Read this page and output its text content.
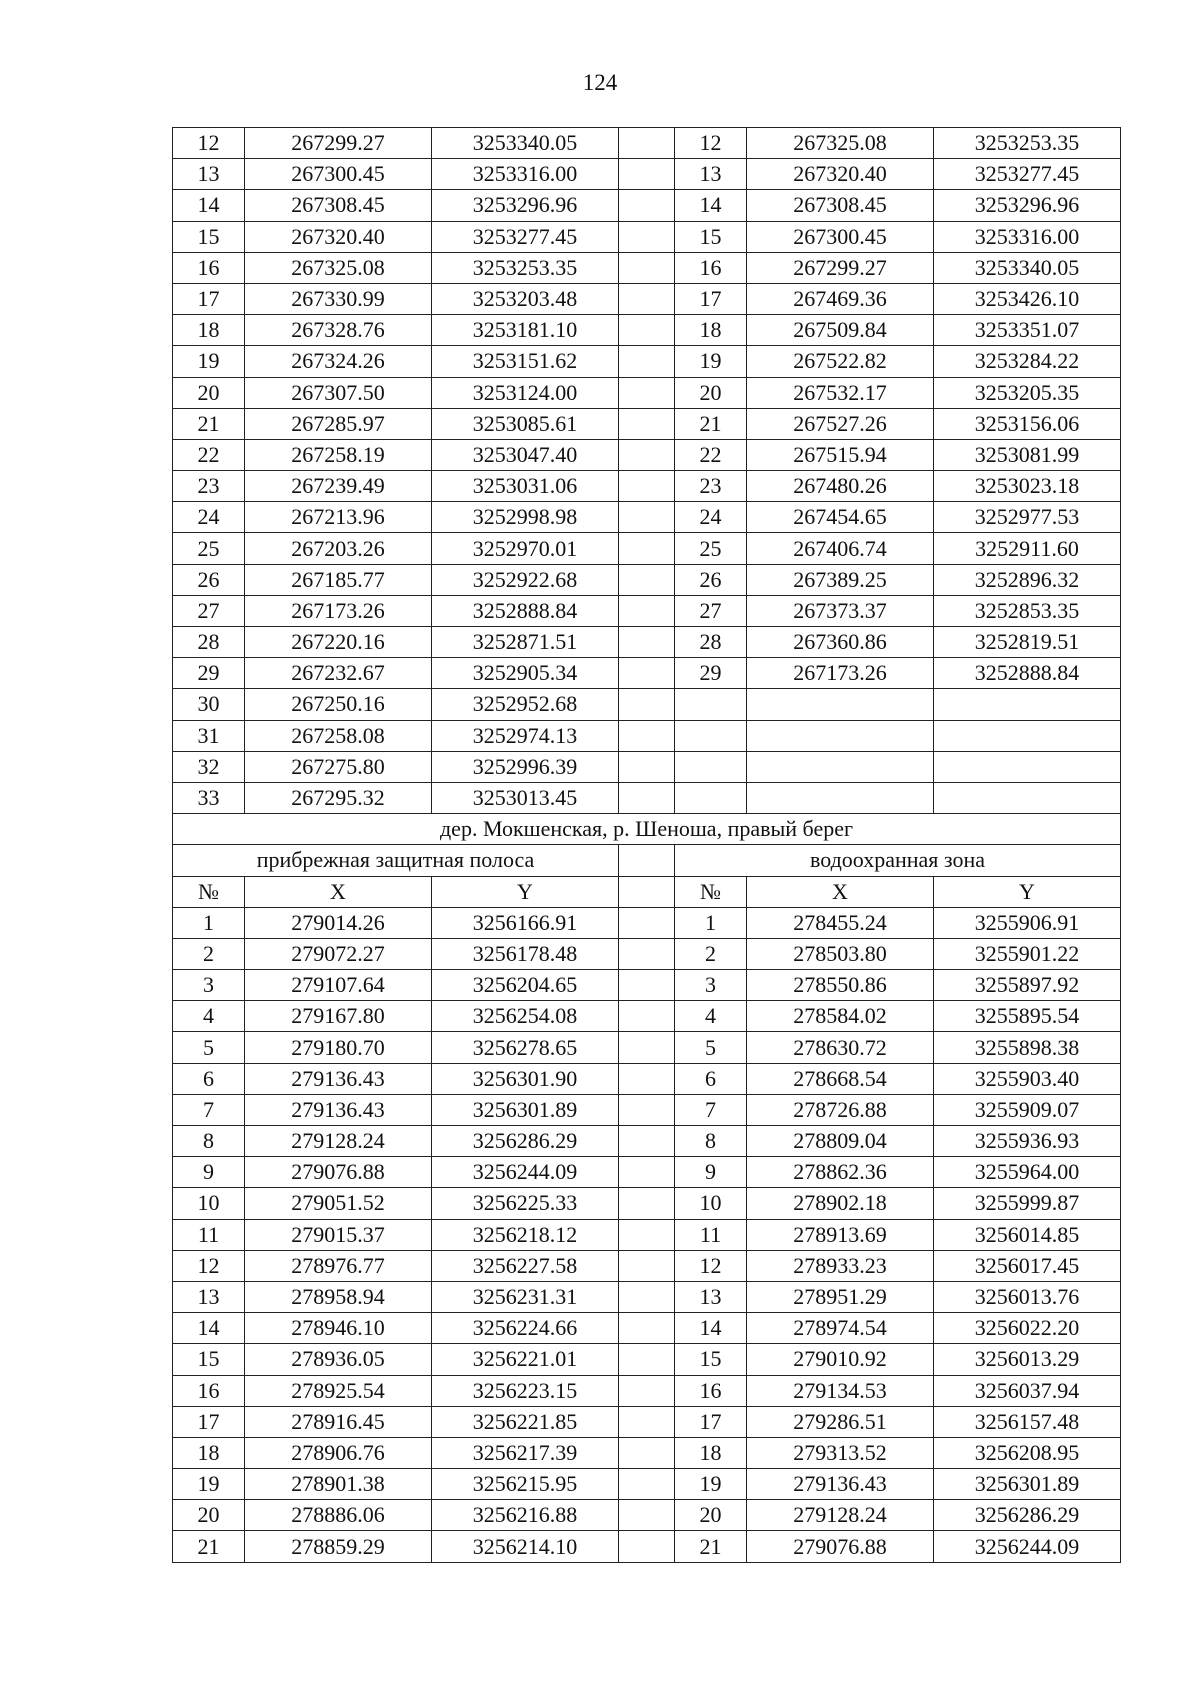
124
12	267299.27	3253340.05		12	267325.08	3253253.35
13	267300.45	3253316.00		13	267320.40	3253277.45
14	267308.45	3253296.96		14	267308.45	3253296.96
15	267320.40	3253277.45		15	267300.45	3253316.00
16	267325.08	3253253.35		16	267299.27	3253340.05
17	267330.99	3253203.48		17	267469.36	3253426.10
18	267328.76	3253181.10		18	267509.84	3253351.07
19	267324.26	3253151.62		19	267522.82	3253284.22
20	267307.50	3253124.00		20	267532.17	3253205.35
21	267285.97	3253085.61		21	267527.26	3253156.06
22	267258.19	3253047.40		22	267515.94	3253081.99
23	267239.49	3253031.06		23	267480.26	3253023.18
24	267213.96	3252998.98		24	267454.65	3252977.53
25	267203.26	3252970.01		25	267406.74	3252911.60
26	267185.77	3252922.68		26	267389.25	3252896.32
27	267173.26	3252888.84		27	267373.37	3252853.35
28	267220.16	3252871.51		28	267360.86	3252819.51
29	267232.67	3252905.34		29	267173.26	3252888.84
30	267250.16	3252952.68				
31	267258.08	3252974.13				
32	267275.80	3252996.39				
33	267295.32	3253013.45				
дер. Мокшенская, р. Шеноша, правый берег						
прибрежная защитная полоса				водоохранная зона		
№	X	Y		№	X	Y
1	279014.26	3256166.91		1	278455.24	3255906.91
2	279072.27	3256178.48		2	278503.80	3255901.22
3	279107.64	3256204.65		3	278550.86	3255897.92
4	279167.80	3256254.08		4	278584.02	3255895.54
5	279180.70	3256278.65		5	278630.72	3255898.38
6	279136.43	3256301.90		6	278668.54	3255903.40
7	279136.43	3256301.89		7	278726.88	3255909.07
8	279128.24	3256286.29		8	278809.04	3255936.93
9	279076.88	3256244.09		9	278862.36	3255964.00
10	279051.52	3256225.33		10	278902.18	3255999.87
11	279015.37	3256218.12		11	278913.69	3256014.85
12	278976.77	3256227.58		12	278933.23	3256017.45
13	278958.94	3256231.31		13	278951.29	3256013.76
14	278946.10	3256224.66		14	278974.54	3256022.20
15	278936.05	3256221.01		15	279010.92	3256013.29
16	278925.54	3256223.15		16	279134.53	3256037.94
17	278916.45	3256221.85		17	279286.51	3256157.48
18	278906.76	3256217.39		18	279313.52	3256208.95
19	278901.38	3256215.95		19	279136.43	3256301.89
20	278886.06	3256216.88		20	279128.24	3256286.29
21	278859.29	3256214.10		21	279076.88	3256244.09
